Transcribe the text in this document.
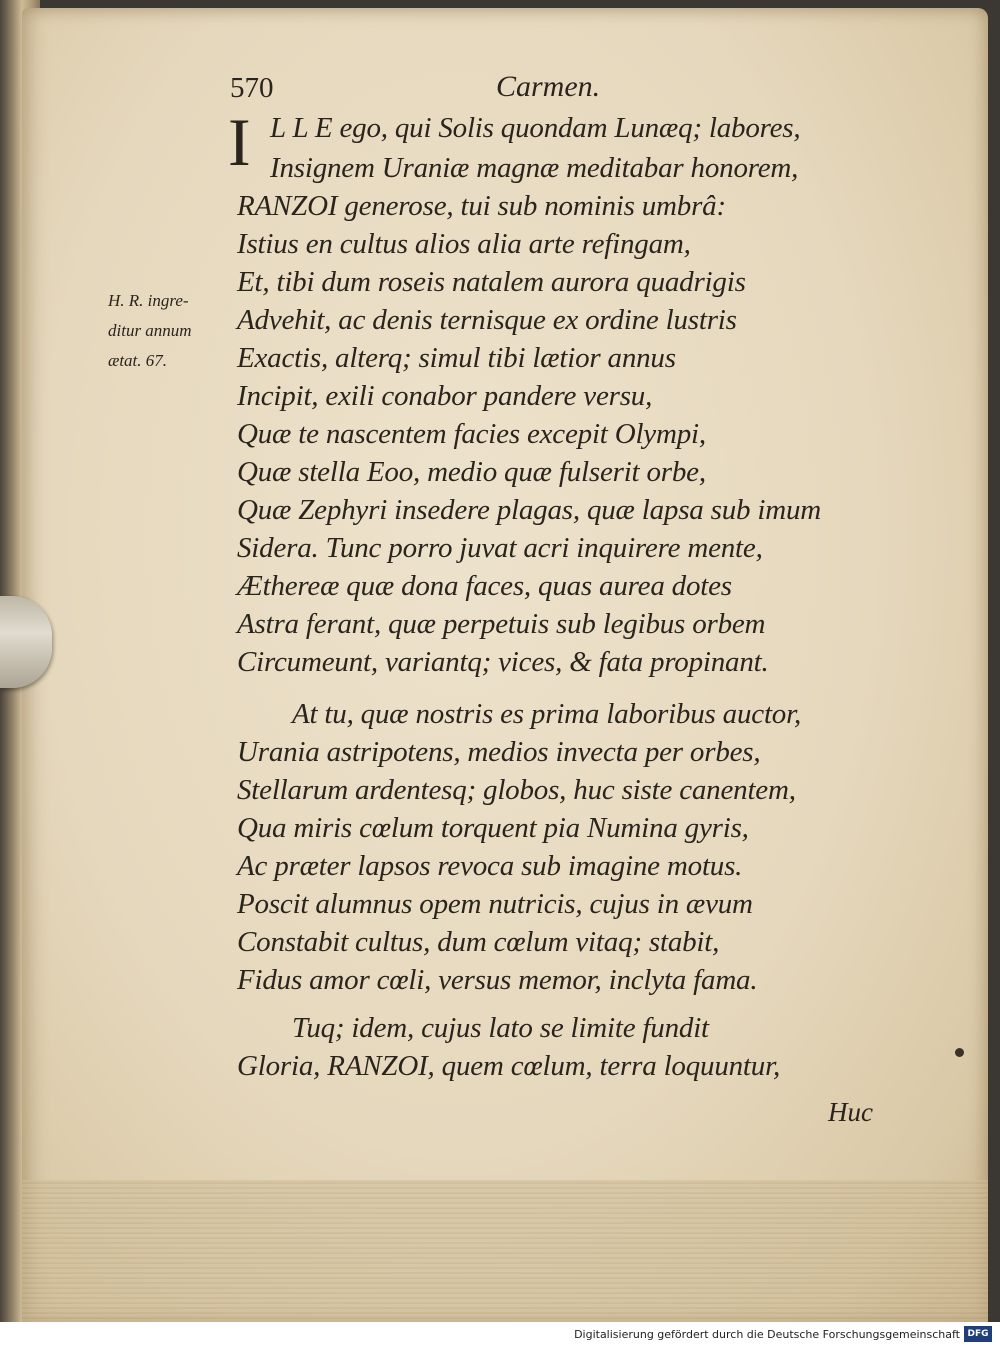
570	Carmen.
H. R. ingre-
ditur annum
ætat. 67.
I L L E ego, qui Solis quondam Lunæq; labores,
Insignem Uraniæ magnæ meditabar honorem,
RANZOI generose, tui sub nominis umbrâ:
Istius en cultus alios alia arte refingam,
Et, tibi dum roseis natalem aurora quadrigis
Advehit, ac denis ternisque ex ordine lustris
Exactis, alterq; simul tibi lætior annus
Incipit, exili conabor pandere versu,
Quæ te nascentem facies excepit Olympi,
Quæ stella Eoo, medio quæ fulserit orbe,
Quæ Zephyri insedere plagas, quæ lapsa sub imum
Sidera. Tunc porro juvat acri inquirere mente,
Æthereæ quæ dona faces, quas aurea dotes
Astra ferant, quæ perpetuis sub legibus orbem
Circumeunt, variantq; vices, & fata propinant.
At tu, quæ nostris es prima laboribus auctor,
Urania astripotens, medios invecta per orbes,
Stellarum ardentesq; globos, huc siste canentem,
Qua miris cœlum torquent pia Numina gyris,
Ac præter lapsos revoca sub imagine motus.
Poscit alumnus opem nutricis, cujus in ævum
Constabit cultus, dum cœlum vitaq; stabit,
Fidus amor cœli, versus memor, inclyta fama.
Tuq; idem, cujus lato se limite fundit
Gloria, RANZOI, quem cœlum, terra loquuntur,
Huc
Digitalisierung gefördert durch die Deutsche Forschungsgemeinschaft DFG
